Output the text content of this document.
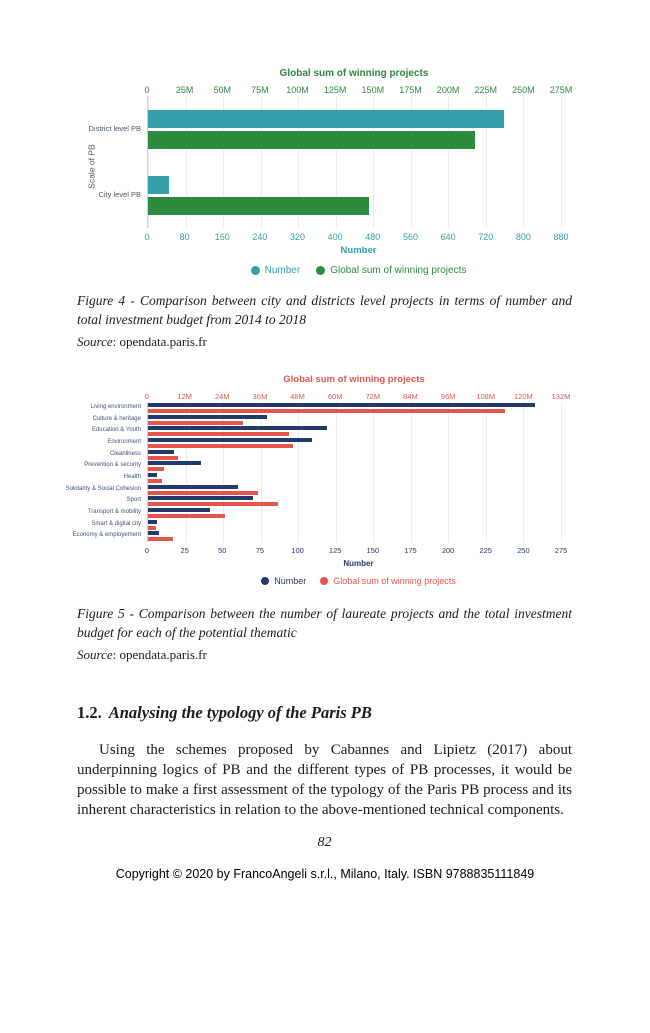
Scale of PB
Global sum of winning projects
0	25M 50M 75M 100M 125M 150M 175M 200M 225M 250M 275M
District level PB
City level PB
0	80	160	240	320	400	480	560	640	720	800	880
Number
Number	Global sum of winning projects

Figure 4 - Comparison between city and districts level projects in terms of number and total investment budget from 2014 to 2018

Source: opendata.paris.fr

Global sum of winning projects
0	12M	24M	36M	48M	60M	72M	84M	96M	108M	120M	132M
Living environment
Culture & heritage
Education & Youth
Environment
Cleanliness
Prevention & security
Health
Solidarity & Social Cohesion
Sport
Transport & mobility
Smart & digital city
Economy & employement
0	25	50	75	100	125	150	175	200	225	250	275
Number
Number	Global sum of winning projects

Figure 5 - Comparison between the number of laureate projects and the total investment budget for each of the potential thematic

Source: opendata.paris.fr

1.2. Analysing the typology of the Paris PB

Using the schemes proposed by Cabannes and Lipietz (2017) about underpinning logics of PB and the different types of PB processes, it would be possible to make a first assessment of the typology of the Paris PB process and its inherent characteristics in relation to the above-mentioned technical components.

82
Copyright © 2020 by FrancoAngeli s.r.l., Milano, Italy. ISBN 9788835111849
